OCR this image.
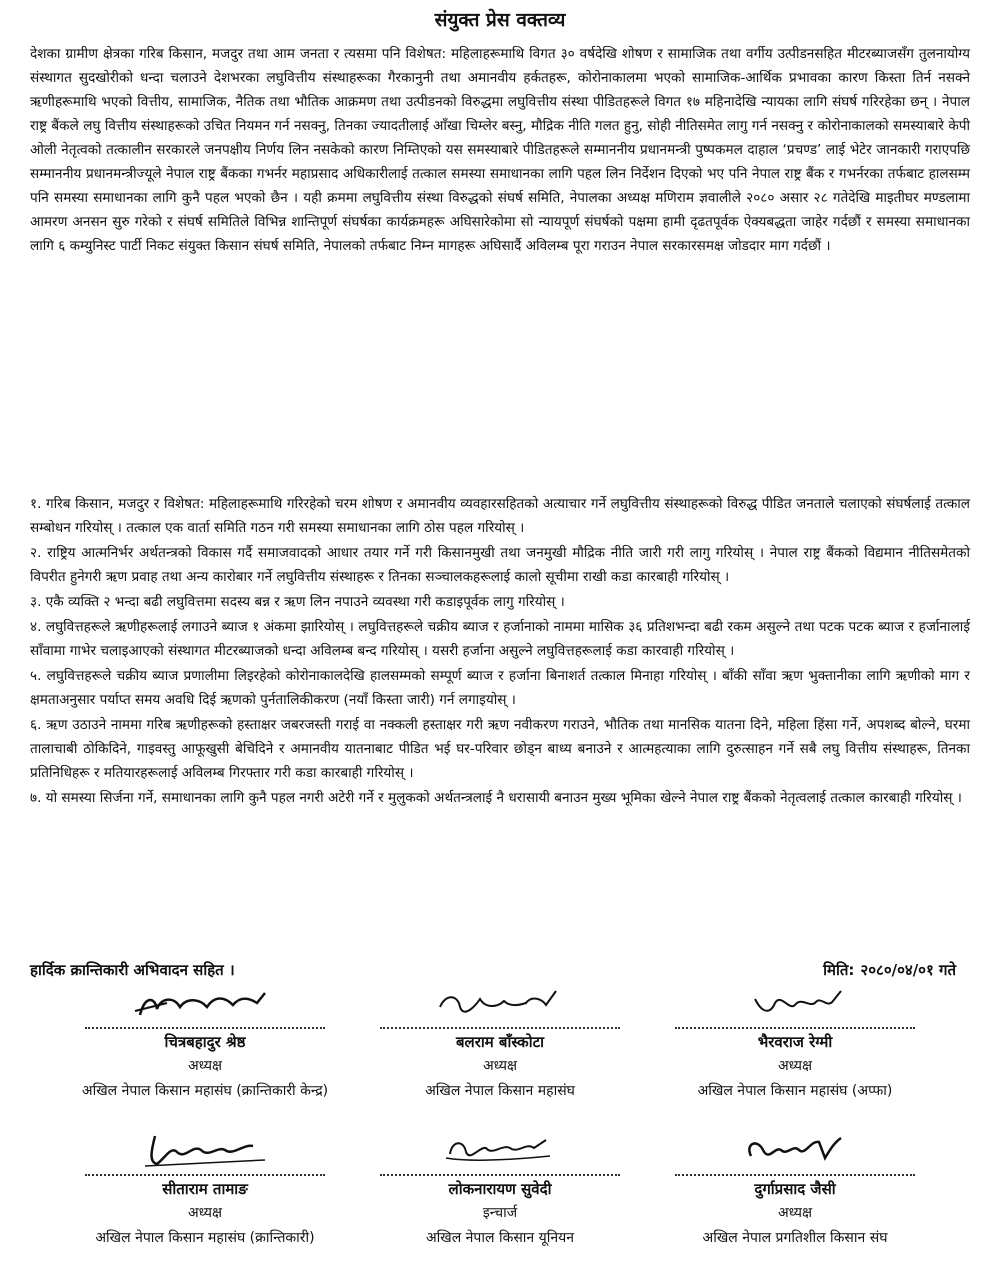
संयुक्त प्रेस वक्तव्य
देशका ग्रामीण क्षेत्रका गरिब किसान, मजदुर तथा आम जनता र त्यसमा पनि विशेषत: महिलाहरूमाथि विगत ३० वर्षदेखि शोषण र सामाजिक तथा वर्गीय उत्पीडनसहित मीटरब्याजसँग तुलनायोग्य संस्थागत सुदखोरीको धन्दा चलाउने देशभरका लघुवित्तीय संस्थाहरूका गैरकानुनी तथा अमानवीय हर्कतहरू, कोरोनाकालमा भएको सामाजिक-आर्थिक प्रभावका कारण किस्ता तिर्न नसक्ने ऋणीहरूमाथि भएको वित्तीय, सामाजिक, नैतिक तथा भौतिक आक्रमण तथा उत्पीडनको विरुद्धमा लघुवित्तीय संस्था पीडितहरूले विगत १७ महिनादेखि न्यायका लागि संघर्ष गरिरहेका छन् । नेपाल राष्ट्र बैंकले लघु वित्तीय संस्थाहरूको उचित नियमन गर्न नसक्नु, तिनका ज्यादतीलाई आँखा चिम्लेर बस्नु, मौद्रिक नीति गलत हुनु, सोही नीतिसमेत लागु गर्न नसक्नु र कोरोनाकालको समस्याबारे केपी ओली नेतृत्वको तत्कालीन सरकारले जनपक्षीय निर्णय लिन नसकेको कारण निम्तिएको यस समस्याबारे पीडितहरूले सम्माननीय प्रधानमन्त्री पुष्पकमल दाहाल ‘प्रचण्ड’ लाई भेटेर जानकारी गराएपछि सम्माननीय प्रधानमन्त्रीज्यूले नेपाल राष्ट्र बैंकका गभर्नर महाप्रसाद अधिकारीलाई तत्काल समस्या समाधानका लागि पहल लिन निर्देशन दिएको भए पनि नेपाल राष्ट्र बैंक र गभर्नरका तर्फबाट हालसम्म पनि समस्या समाधानका लागि कुनै पहल भएको छैन । यही क्रममा लघुवित्तीय संस्था विरुद्धको संघर्ष समिति, नेपालका अध्यक्ष मणिराम ज्ञवालीले २०८० असार २८ गतेदेखि माइतीघर मण्डलामा आमरण अनसन सुरु गरेको र संघर्ष समितिले विभिन्न शान्तिपूर्ण संघर्षका कार्यक्रमहरू अघिसारेकोमा सो न्यायपूर्ण संघर्षको पक्षमा हामी दृढतपूर्वक ऐक्यबद्धता जाहेर गर्दछौं र समस्या समाधानका लागि ६ कम्युनिस्ट पार्टी निकट संयुक्त किसान संघर्ष समिति, नेपालको तर्फबाट निम्न मागहरू अघिसार्दै अविलम्ब पूरा गराउन नेपाल सरकारसमक्ष जोडदार माग गर्दछौं ।

१. गरिब किसान, मजदुर र विशेषत: महिलाहरूमाथि गरिरहेको चरम शोषण र अमानवीय व्यवहारसहितको अत्याचार गर्ने लघुवित्तीय संस्थाहरूको विरुद्ध पीडित जनताले चलाएको संघर्षलाई तत्काल सम्बोधन गरियोस् । तत्काल एक वार्ता समिति गठन गरी समस्या समाधानका लागि ठोस पहल गरियोस् ।

२. राष्ट्रिय आत्मनिर्भर अर्थतन्त्रको विकास गर्दै समाजवादको आधार तयार गर्ने गरी किसानमुखी तथा जनमुखी मौद्रिक नीति जारी गरी लागु गरियोस् । नेपाल राष्ट्र बैंकको विद्यमान नीतिसमेतको विपरीत हुनेगरी ऋण प्रवाह तथा अन्य कारोबार गर्ने लघुवित्तीय संस्थाहरू र तिनका सञ्चालकहरूलाई कालो सूचीमा राखी कडा कारबाही गरियोस् ।

३. एकै व्यक्ति २ भन्दा बढी लघुवित्तमा सदस्य बन्न र ऋण लिन नपाउने व्यवस्था गरी कडाइपूर्वक लागु गरियोस् ।

४. लघुवित्तहरूले ऋणीहरूलाई लगाउने ब्याज १ अंकमा झारियोस् । लघुवित्तहरूले चक्रीय ब्याज र हर्जानाको नाममा मासिक ३६ प्रतिशभन्दा बढी रकम असुल्ने तथा पटक पटक ब्याज र हर्जानालाई साँवामा गाभेर चलाइआएको संस्थागत मीटरब्याजको धन्दा अविलम्ब बन्द गरियोस् । यसरी हर्जाना असुल्ने लघुवित्तहरूलाई कडा कारवाही गरियोस् ।

५. लघुवित्तहरूले चक्रीय ब्याज प्रणालीमा लिइरहेको कोरोनाकालदेखि हालसम्मको सम्पूर्ण ब्याज र हर्जाना बिनाशर्त तत्काल मिनाहा गरियोस् । बाँकी साँवा ऋण भुक्तानीका लागि ऋणीको माग र क्षमताअनुसार पर्याप्त समय अवधि दिई ऋणको पुर्नतालिकीकरण (नयाँ किस्ता जारी) गर्न लगाइयोस् ।

६. ऋण उठाउने नाममा गरिब ऋणीहरूको हस्ताक्षर जबरजस्ती गराई वा नक्कली हस्ताक्षर गरी ऋण नवीकरण गराउने, भौतिक तथा मानसिक यातना दिने, महिला हिंसा गर्ने, अपशब्द बोल्ने, घरमा तालाचाबी ठोकिदिने, गाइवस्तु आफूखुसी बेचिदिने र अमानवीय यातनाबाट पीडित भई घर-परिवार छोड्न बाध्य बनाउने र आत्महत्याका लागि दुरुत्साहन गर्ने सबै लघु वित्तीय संस्थाहरू, तिनका प्रतिनिधिहरू र मतियारहरूलाई अविलम्ब गिरफ्तार गरी कडा कारबाही गरियोस् ।

७. यो समस्या सिर्जना गर्ने, समाधानका लागि कुनै पहल नगरी अटेरी गर्ने र मुलुकको अर्थतन्त्रलाई नै धरासायी बनाउन मुख्य भूमिका खेल्ने नेपाल राष्ट्र बैंकको नेतृत्वलाई तत्काल कारबाही गरियोस् ।

हार्दिक क्रान्तिकारी अभिवादन सहित ।	मिति: २०८०/०४/०१ गते
चित्रबहादुर श्रेष्ठ
अध्यक्ष
अखिल नेपाल किसान महासंघ (क्रान्तिकारी केन्द्र)
बलराम बाँस्कोटा
अध्यक्ष
अखिल नेपाल किसान महासंघ
भैरवराज रेग्मी
अध्यक्ष
अखिल नेपाल किसान महासंघ (अप्फा)
सीताराम तामाङ
अध्यक्ष
अखिल नेपाल किसान महासंघ (क्रान्तिकारी)
लोकनारायण सुवेदी
इन्चार्ज
अखिल नेपाल किसान यूनियन
दुर्गाप्रसाद जैसी
अध्यक्ष
अखिल नेपाल प्रगतिशील किसान संघ
